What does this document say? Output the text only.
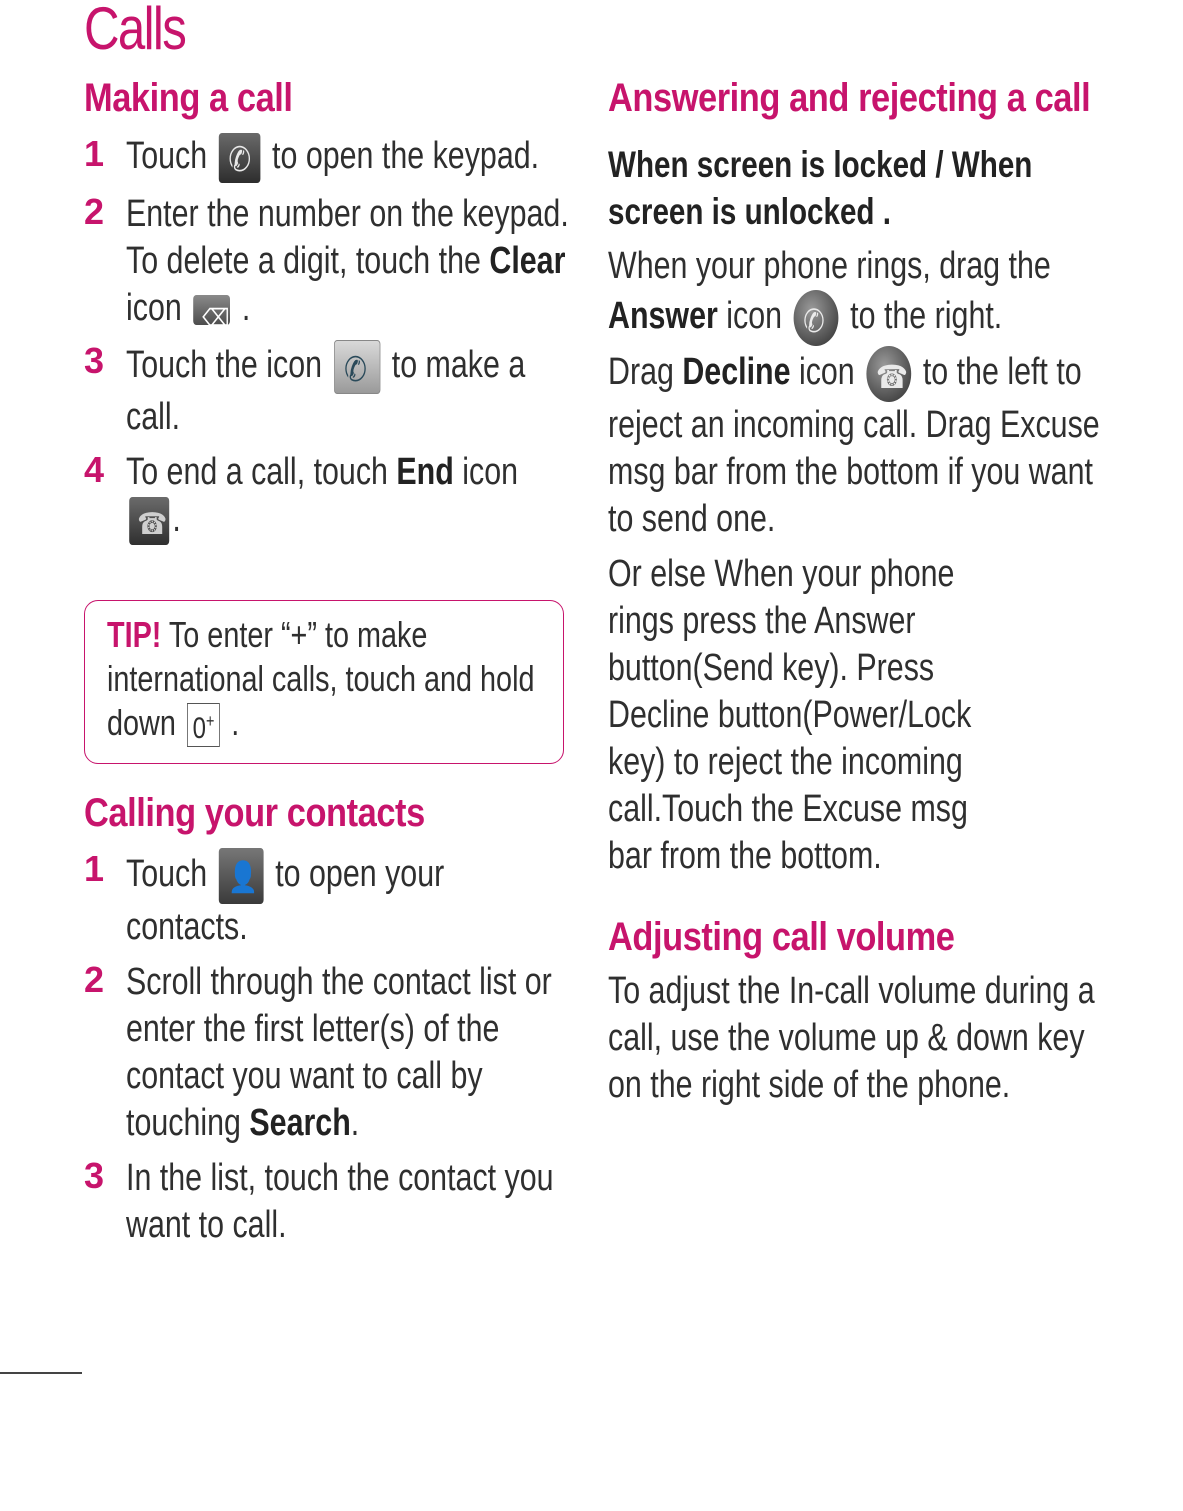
Calls
Making a call
1 Touch ✆ to open the keypad.
2 Enter the number on the keypad. To delete a digit, touch the Clear icon ⌫ .
3 Touch the icon ✆ to make a call.
4 To end a call, touch End icon
☎.
TIP! To enter “+” to make international calls, touch and hold down 0+ .
Calling your contacts
1 Touch 👤 to open your contacts.
2 Scroll through the contact list or enter the first letter(s) of the contact you want to call by touching Search.
3 In the list, touch the contact you want to call.
Answering and rejecting a call
When screen is locked / When screen is unlocked .
When your phone rings, drag the Answer icon ✆ to the right.
Drag Decline icon ☎ to the left to reject an incoming call. Drag Excuse msg bar from the bottom if you want to send one.
Or else When your phone rings press the Answer button(Send key). Press Decline button(Power/Lock key) to reject the incoming call.Touch the Excuse msg bar from the bottom.
Adjusting call volume
To adjust the In-call volume during a call, use the volume up & down key on the right side of the phone.
